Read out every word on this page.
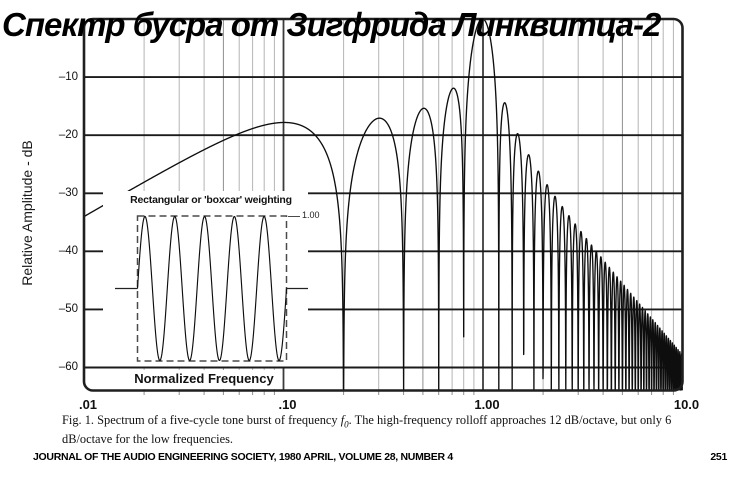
Спектр бусра от Зигфрида Линквитца-2
Relative Amplitude - dB
–10
–20
–30
–40
–50
–60
.01	.10	1.00	10.0
Rectangular or 'boxcar' weighting
1.00
Normalized Frequency
Fig. 1. Spectrum of a five-cycle tone burst of frequency $f_0$. The high-frequency rolloff approaches 12 dB/octave, but only 6 dB/octave for the low frequencies.
JOURNAL OF THE AUDIO ENGINEERING SOCIETY, 1980 APRIL, VOLUME 28, NUMBER 4	251
